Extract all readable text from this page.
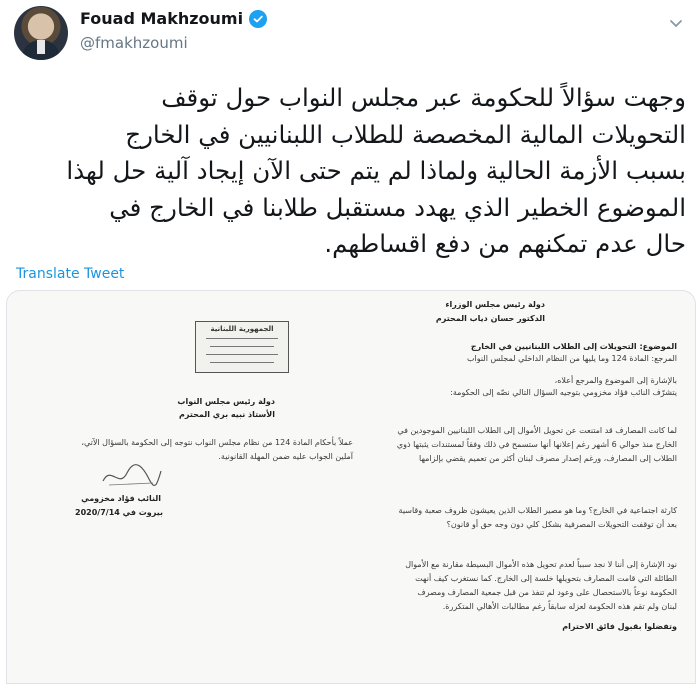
Fouad Makhzoumi
@fmakhzoumi
وجهت سؤالاً للحكومة عبر مجلس النواب حول توقف
التحويلات المالية المخصصة للطلاب اللبنانيين في الخارج
بسبب الأزمة الحالية ولماذا لم يتم حتى الآن إيجاد آلية حل لهذا
الموضوع الخطير الذي يهدد مستقبل طلابنا في الخارج في
حال عدم تمكنهم من دفع اقساطهم.
Translate Tweet
الجمهورية اللبنانية
دولة رئيس مجلس النواب
الأستاذ نبيه بري المحترم
عملاً بأحكام المادة 124 من نظام مجلس النواب نتوجه إلى الحكومة بالسؤال الآتي،
آملين الجواب عليه ضمن المهلة القانونية.
النائب فؤاد مخزومي
بيروت في 2020/7/14
دولة رئيس مجلس الوزراء
الدكتور حسان دياب المحترم
الموضوع: التحويلات إلى الطلاب اللبنانيين في الخارج
المرجع: المادة 124 وما يليها من النظام الداخلي لمجلس النواب
بالإشارة إلى الموضوع والمرجع أعلاه،
يتشرّف النائب فؤاد مخزومي بتوجيه السؤال التالي نصّه إلى الحكومة:
لما كانت المصارف قد امتنعت عن تحويل الأموال إلى الطلاب اللبنانيين الموجودين في
الخارج منذ حوالي 6 أشهر رغم إعلانها أنها ستسمح في ذلك وفقاً لمستندات يثبتها ذوي
الطلاب إلى المصارف، ورغم إصدار مصرف لبنان أكثر من تعميم يقضي بإلزامها
كارثة اجتماعية في الخارج؟ وما هو مصير الطلاب الذين يعيشون ظروف صعبة وقاسية
بعد أن توقفت التحويلات المصرفية بشكل كلي دون وجه حق أو قانون؟
نود الإشارة إلى أننا لا نجد سبباً لعدم تحويل هذه الأموال البسيطة مقارنة مع الأموال
الطائلة التي قامت المصارف بتحويلها خلسة إلى الخارج. كما نستغرب كيف أنهت
الحكومة نوعاً بالاستحصال على وعود لم تنفذ من قبل جمعية المصارف ومصرف
لبنان ولم تقم هذه الحكومة لعزله سابقاً رغم مطالبات الأهالي المتكررة.
وتفضلوا بقبول فائق الاحترام
